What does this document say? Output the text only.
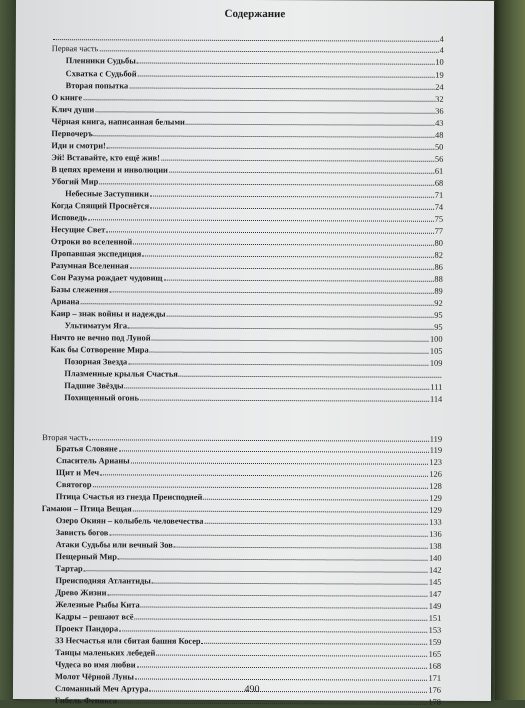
Содержание
4
Первая часть	4
Пленники Судьбы	10
Схватка с Судьбой	19
Вторая попытка	24
О книге	32
Клич души	36
Чёрная книга, написанная белыми	43
Первочеръ	48
Иди и смотри!	50
Эй! Вставайте, кто ещё жив!	56
В цепях времени и инволюции	61
Убогий Мир	68
Небесные Заступники	71
Когда Спящий Проснётся	74
Исповедь	75
Несущие Свет	77
Отроки во вселенной	80
Пропавшая экспедиция	82
Разумная Вселенная	86
Сон Разума рождает чудовищ	88
Базы слежения	89
Ариана	92
Каир – знак войны и надежды	95
Ультиматум Яга	95
Ничто не вечно под Луной	100
Как бы Сотворение Мира	105
Позорная Звезда	109
Плазменные крылья Счастья
Падшие Звёзды	111
Похищенный огонь	114
Вторая часть	119
Братья Словяне	119
Спаситель Арианы	123
Щит и Меч	126
Святогор	128
Птица Счастья из гнезда Преисподней	129
Гамаюн – Птица Вещая	129
Озеро Окиян – колыбель человечества	133
Зависть богов	136
Атаки Судьбы или вечный Зов	138
Пещерный Мир	140
Тартар	142
Преисподняя Атлантиды	145
Древо Жизни	147
Железные Рыбы Кита	149
Кадры – решают всё	151
Проект Пандора	153
33 Несчастья или сбитая башня Косер	159
Танцы маленьких лебедей	165
Чудеса во имя любви	168
Молот Чёрной Луны	171
Сломанный Меч Артура	176
Гибель Феникса	178
490
